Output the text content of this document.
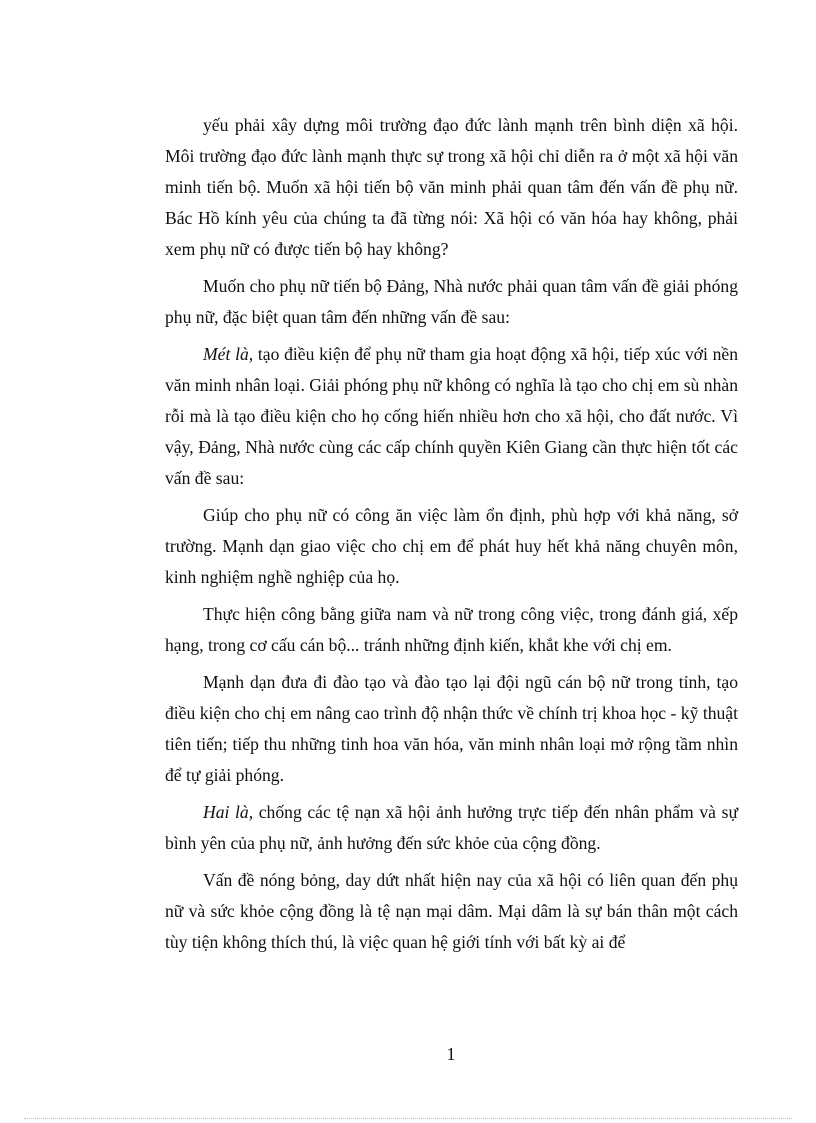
yếu phải xây dựng môi trường đạo đức lành mạnh trên bình diện xã hội. Môi trường đạo đức lành mạnh thực sự trong xã hội chỉ diễn ra ở một xã hội văn minh tiến bộ. Muốn xã hội tiến bộ văn minh phải quan tâm đến vấn đề phụ nữ. Bác Hồ kính yêu của chúng ta đã từng nói: Xã hội có văn hóa hay không, phải xem phụ nữ có được tiến bộ hay không?

Muốn cho phụ nữ tiến bộ Đảng, Nhà nước phải quan tâm vấn đề giải phóng phụ nữ, đặc biệt quan tâm đến những vấn đề sau:

Mét là, tạo điều kiện để phụ nữ tham gia hoạt động xã hội, tiếp xúc với nền văn minh nhân loại. Giải phóng phụ nữ không có nghĩa là tạo cho chị em sù nhàn rỗi mà là tạo điều kiện cho họ cống hiến nhiều hơn cho xã hội, cho đất nước. Vì vậy, Đảng, Nhà nước cùng các cấp chính quyền Kiên Giang cần thực hiện tốt các vấn đề sau:

Giúp cho phụ nữ có công ăn việc làm ổn định, phù hợp với khả năng, sở trường. Mạnh dạn giao việc cho chị em để phát huy hết khả năng chuyên môn, kinh nghiệm nghề nghiệp của họ.

Thực hiện công bằng giữa nam và nữ trong công việc, trong đánh giá, xếp hạng, trong cơ cấu cán bộ... tránh những định kiến, khắt khe với chị em.

Mạnh dạn đưa đi đào tạo và đào tạo lại đội ngũ cán bộ nữ trong tỉnh, tạo điều kiện cho chị em nâng cao trình độ nhận thức về chính trị khoa học - kỹ thuật tiên tiến; tiếp thu những tinh hoa văn hóa, văn minh nhân loại mở rộng tầm nhìn để tự giải phóng.

Hai là, chống các tệ nạn xã hội ảnh hưởng trực tiếp đến nhân phẩm và sự bình yên của phụ nữ, ảnh hưởng đến sức khỏe của cộng đồng.

Vấn đề nóng bỏng, day dứt nhất hiện nay của xã hội có liên quan đến phụ nữ và sức khỏe cộng đồng là tệ nạn mại dâm. Mại dâm là sự bán thân một cách tùy tiện không thích thú, là việc quan hệ giới tính với bất kỳ ai để

1
